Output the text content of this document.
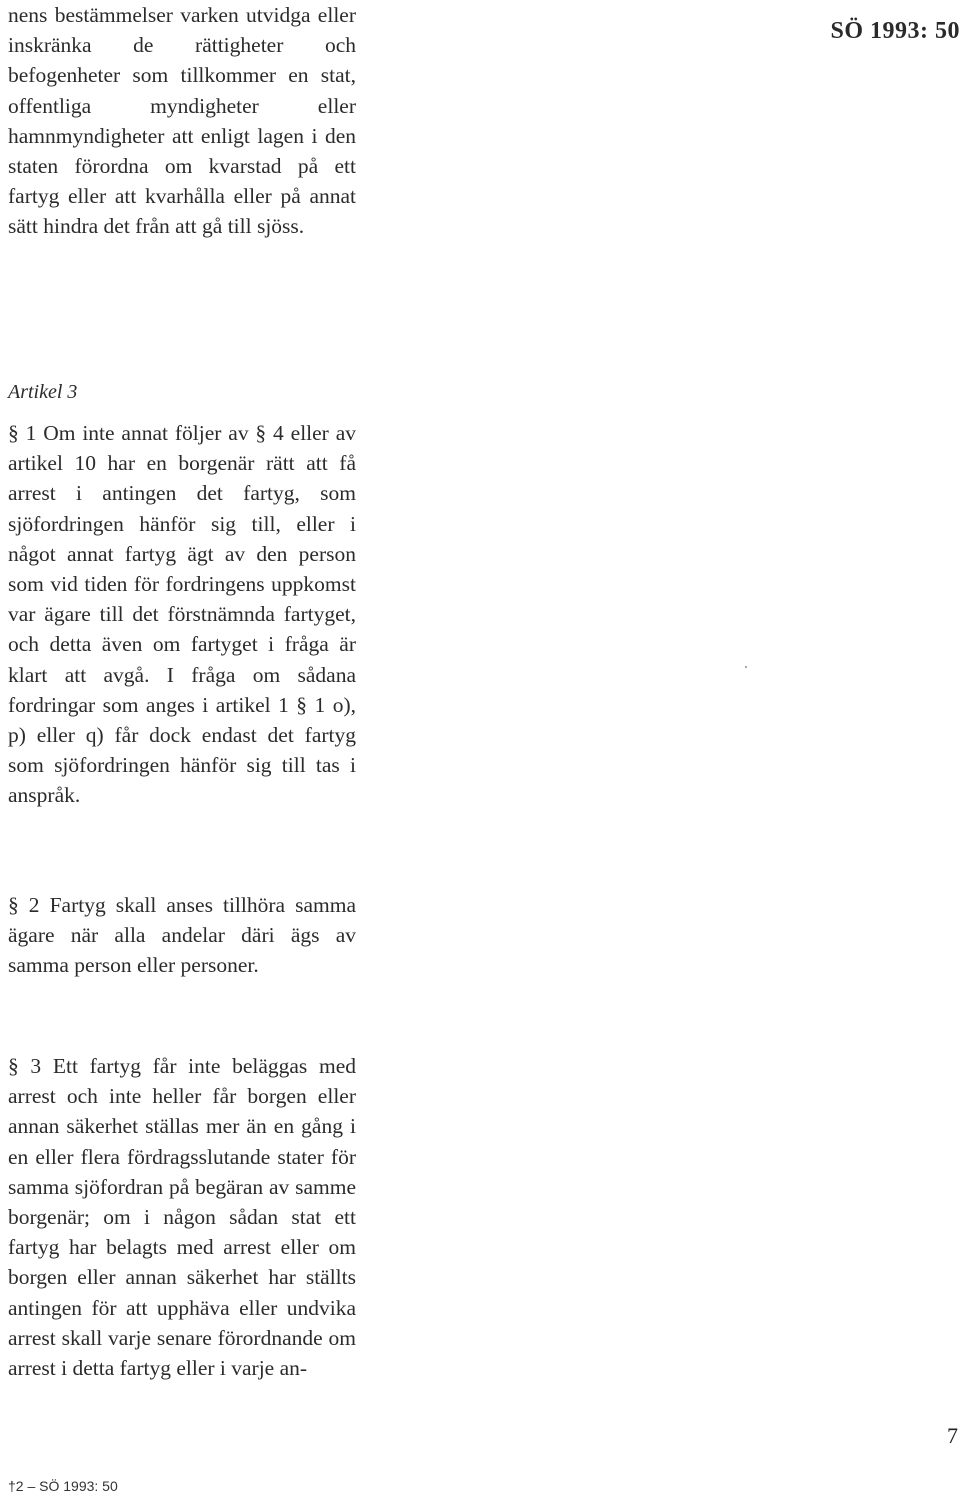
SÖ 1993: 50

nens bestämmelser varken utvidga eller inskränka de rättigheter och befogenheter som tillkommer en stat, offentliga myndigheter eller hamnmyndigheter att enligt lagen i den staten förordna om kvarstad på ett fartyg eller att kvarhålla eller på annat sätt hindra det från att gå till sjöss.

Artikel 3

§ 1 Om inte annat följer av § 4 eller av artikel 10 har en borgenär rätt att få arrest i antingen det fartyg, som sjöfordringen hänför sig till, eller i något annat fartyg ägt av den person som vid tiden för fordringens uppkomst var ägare till det förstnämnda fartyget, och detta även om fartyget i fråga är klart att avgå. I fråga om sådana fordringar som anges i artikel 1 § 1 o), p) eller q) får dock endast det fartyg som sjöfordringen hänför sig till tas i anspråk.

§ 2 Fartyg skall anses tillhöra samma ägare när alla andelar däri ägs av samma person eller personer.

§ 3 Ett fartyg får inte beläggas med arrest och inte heller får borgen eller annan säkerhet ställas mer än en gång i en eller flera fördragsslutande stater för samma sjöfordran på begäran av samme borgenär; om i någon sådan stat ett fartyg har belagts med arrest eller om borgen eller annan säkerhet har ställts antingen för att upphäva eller undvika arrest skall varje senare förordnande om arrest i detta fartyg eller i varje an-

7
†2 – SÖ 1993: 50
